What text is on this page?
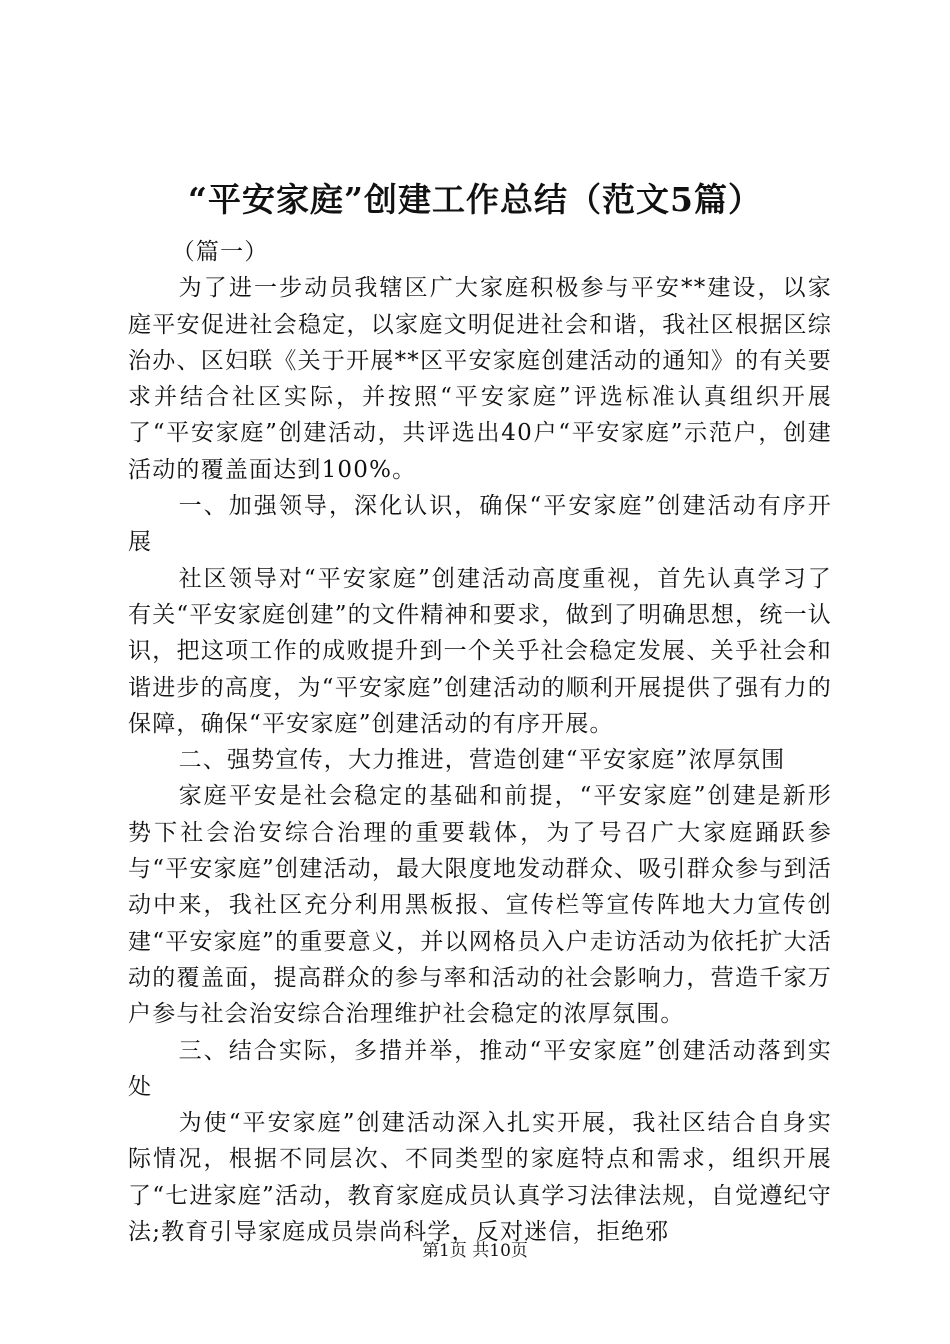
“平安家庭”创建工作总结（范文5篇）

（篇一）

为了进一步动员我辖区广大家庭积极参与平安**建设，以家庭平安促进社会稳定，以家庭文明促进社会和谐，我社区根据区综治办、区妇联《关于开展**区平安家庭创建活动的通知》的有关要求并结合社区实际，并按照“平安家庭”评选标准认真组织开展了“平安家庭”创建活动，共评选出40户“平安家庭”示范户，创建活动的覆盖面达到100%。

一、加强领导，深化认识，确保“平安家庭”创建活动有序开展

社区领导对“平安家庭”创建活动高度重视，首先认真学习了有关“平安家庭创建”的文件精神和要求，做到了明确思想，统一认识，把这项工作的成败提升到一个关乎社会稳定发展、关乎社会和谐进步的高度，为“平安家庭”创建活动的顺利开展提供了强有力的保障，确保“平安家庭”创建活动的有序开展。

二、强势宣传，大力推进，营造创建“平安家庭”浓厚氛围

家庭平安是社会稳定的基础和前提，“平安家庭”创建是新形势下社会治安综合治理的重要载体，为了号召广大家庭踊跃参与“平安家庭”创建活动，最大限度地发动群众、吸引群众参与到活动中来，我社区充分利用黑板报、宣传栏等宣传阵地大力宣传创建“平安家庭”的重要意义，并以网格员入户走访活动为依托扩大活动的覆盖面，提高群众的参与率和活动的社会影响力，营造千家万户参与社会治安综合治理维护社会稳定的浓厚氛围。

三、结合实际，多措并举，推动“平安家庭”创建活动落到实处

为使“平安家庭”创建活动深入扎实开展，我社区结合自身实际情况，根据不同层次、不同类型的家庭特点和需求，组织开展了“七进家庭”活动，教育家庭成员认真学习法律法规，自觉遵纪守法;教育引导家庭成员崇尚科学，反对迷信，拒绝邪

第1页 共10页
